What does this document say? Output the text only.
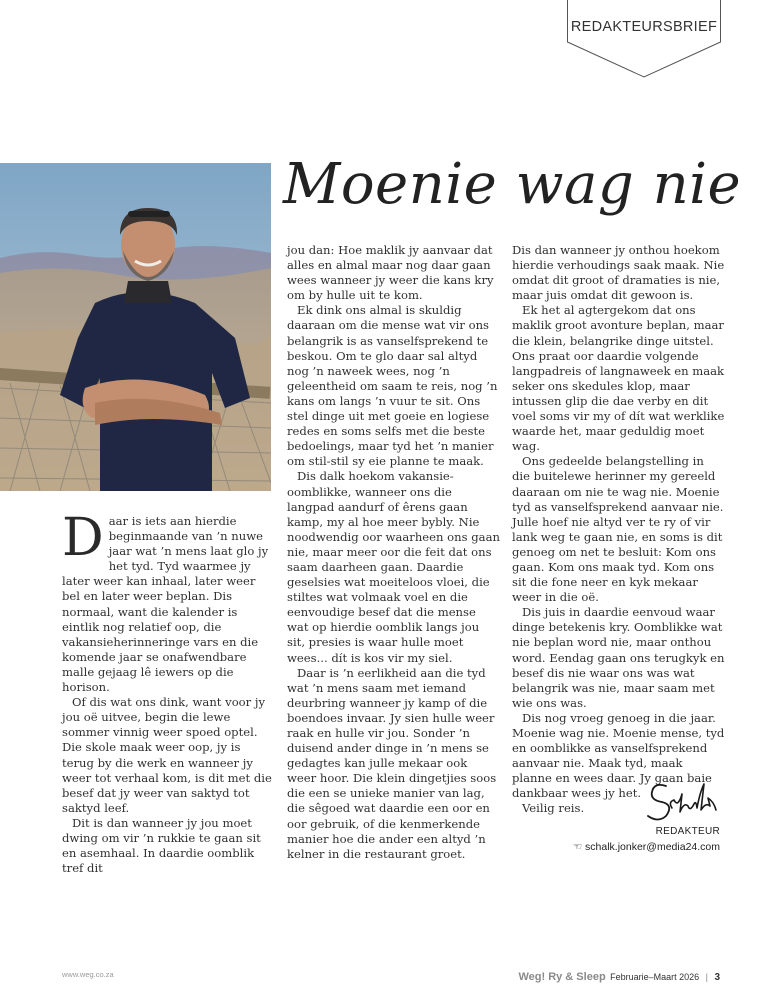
REDAKTEURSBRIEF
Moenie wag nie

Daar is iets aan hierdie beginmaande van ’n nuwe jaar wat ’n mens laat glo jy het tyd. Tyd waarmee jy later weer kan inhaal, later weer bel en later weer beplan. Dis normaal, want die kalender is eintlik nog relatief oop, die vakansieherinneringe vars en die komende jaar se onafwendbare malle gejaag lê iewers op die horison.

Of dis wat ons dink, want voor jy jou oë uitvee, begin die lewe sommer vinnig weer spoed optel. Die skole maak weer oop, jy is terug by die werk en wanneer jy weer tot verhaal kom, is dit met die besef dat jy weer van saktyd tot saktyd leef.

Dit is dan wanneer jy jou moet dwing om vir ’n rukkie te gaan sit en asemhaal. In daardie oomblik tref dit

jou dan: Hoe maklik jy aanvaar dat alles en almal maar nog daar gaan wees wanneer jy weer die kans kry om by hulle uit te kom.

Ek dink ons almal is skuldig daaraan om die mense wat vir ons belangrik is as vanselfsprekend te beskou. Om te glo daar sal altyd nog ’n naweek wees, nog ’n geleentheid om saam te reis, nog ’n kans om langs ’n vuur te sit. Ons stel dinge uit met goeie en logiese redes en soms selfs met die beste bedoelings, maar tyd het ’n manier om stil-stil sy eie planne te maak.

Dis dalk hoekom vakansie-oomblikke, wanneer ons die langpad aandurf of êrens gaan kamp, my al hoe meer bybly. Nie noodwendig oor waarheen ons gaan nie, maar meer oor die feit dat ons saam daarheen gaan. Daardie geselsies wat moeiteloos vloei, die stiltes wat volmaak voel en die eenvoudige besef dat die mense wat op hierdie oomblik langs jou sit, presies is waar hulle moet wees... dít is kos vir my siel.

Daar is ’n eerlikheid aan die tyd wat ’n mens saam met iemand deurbring wanneer jy kamp of die boendoes invaar. Jy sien hulle weer raak en hulle vir jou. Sonder ’n duisend ander dinge in ’n mens se gedagtes kan julle mekaar ook weer hoor. Die klein dingetjies soos die een se unieke manier van lag, die sêgoed wat daardie een oor en oor gebruik, of die kenmerkende manier hoe die ander een altyd ’n kelner in die restaurant groet.

Dis dan wanneer jy onthou hoekom hierdie verhoudings saak maak. Nie omdat dit groot of dramaties is nie, maar juis omdat dit gewoon is.

Ek het al agtergekom dat ons maklik groot avonture beplan, maar die klein, belangrike dinge uitstel. Ons praat oor daardie volgende langpadreis of langnaweek en maak seker ons skedules klop, maar intussen glip die dae verby en dit voel soms vir my of dít wat werklike waarde het, maar geduldig moet wag.

Ons gedeelde belangstelling in die buitelewe herinner my gereeld daaraan om nie te wag nie. Moenie tyd as vanselfsprekend aanvaar nie. Julle hoef nie altyd ver te ry of vir lank weg te gaan nie, en soms is dit genoeg om net te besluit: Kom ons gaan. Kom ons maak tyd. Kom ons sit die fone neer en kyk mekaar weer in die oë.

Dis juis in daardie eenvoud waar dinge betekenis kry. Oomblikke wat nie beplan word nie, maar onthou word. Eendag gaan ons terugkyk en besef dis nie waar ons was wat belangrik was nie, maar saam met wie ons was.

Dis nog vroeg genoeg in die jaar. Moenie wag nie. Moenie mense, tyd en oomblikke as vanselfsprekend aanvaar nie. Maak tyd, maak planne en wees daar. Jy gaan baie dankbaar wees jy het.

Veilig reis.

REDAKTEUR
☜ schalk.jonker@media24.com
www.weg.co.za	Weg! Ry & Sleep Februarie–Maart 2026 | 3
